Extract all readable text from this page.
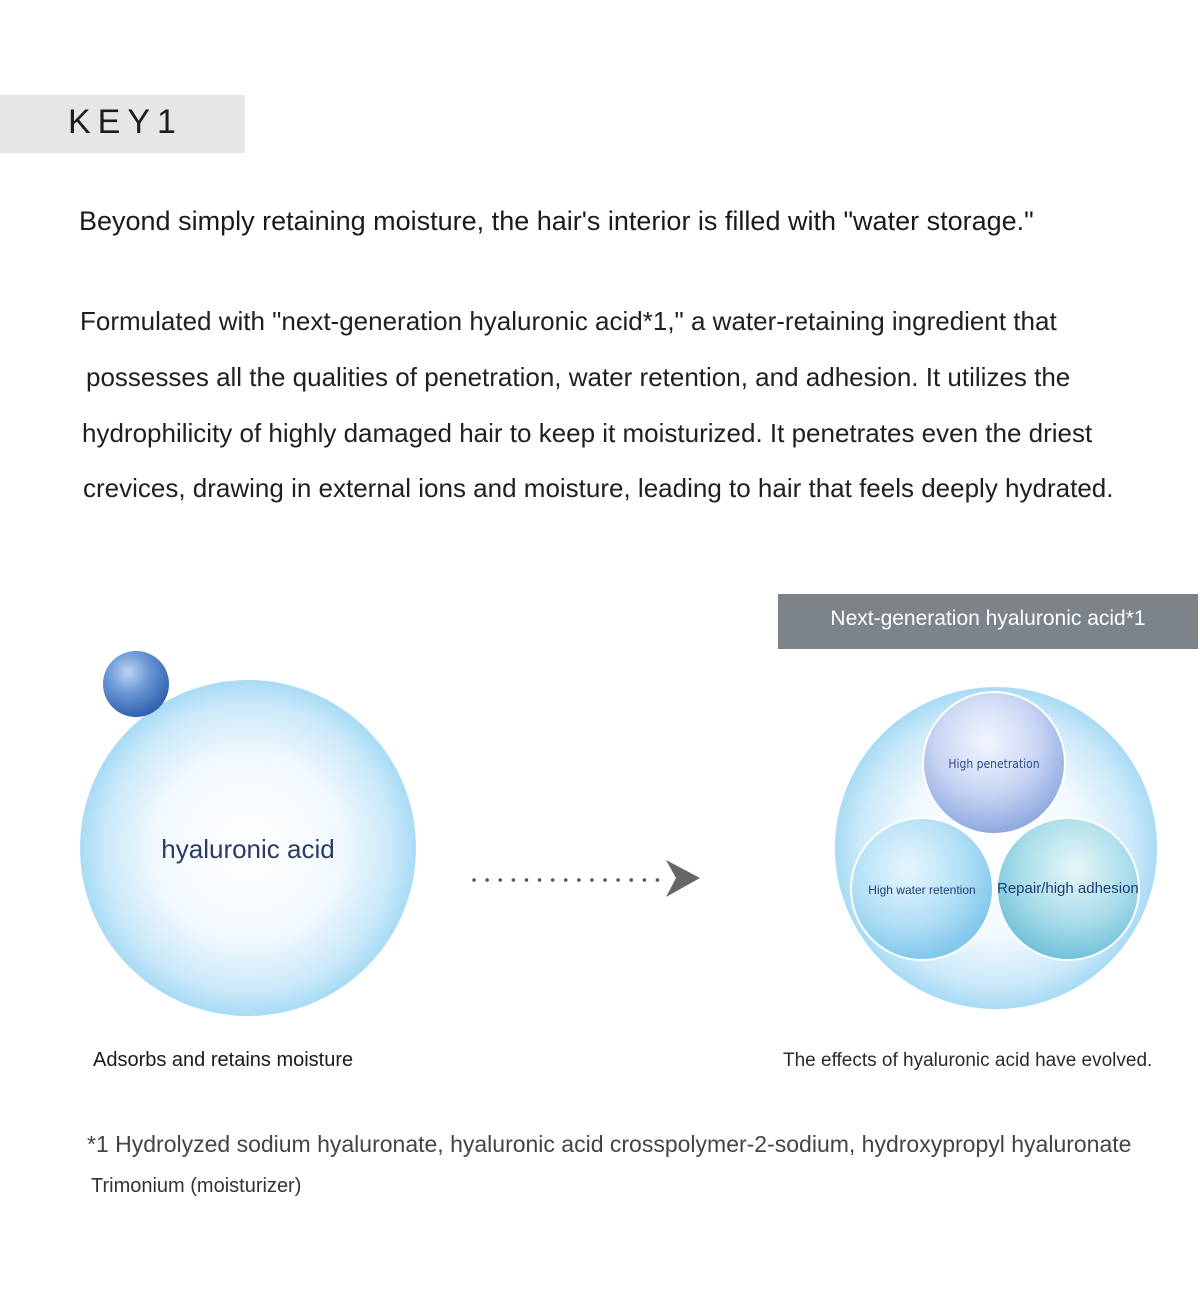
KEY1
Beyond simply retaining moisture, the hair's interior is filled with "water storage."
Formulated with "next-generation hyaluronic acid*1," a water-retaining ingredient that
possesses all the qualities of penetration, water retention, and adhesion. It utilizes the
hydrophilicity of highly damaged hair to keep it moisturized. It penetrates even the driest
crevices, drawing in external ions and moisture, leading to hair that feels deeply hydrated.
hyaluronic acid
Next-generation hyaluronic acid*1
High penetration
High water retention	Repair/high adhesion
Adsorbs and retains moisture	The effects of hyaluronic acid have evolved.
*1 Hydrolyzed sodium hyaluronate, hyaluronic acid crosspolymer-2-sodium, hydroxypropyl hyaluronate
Trimonium (moisturizer)
